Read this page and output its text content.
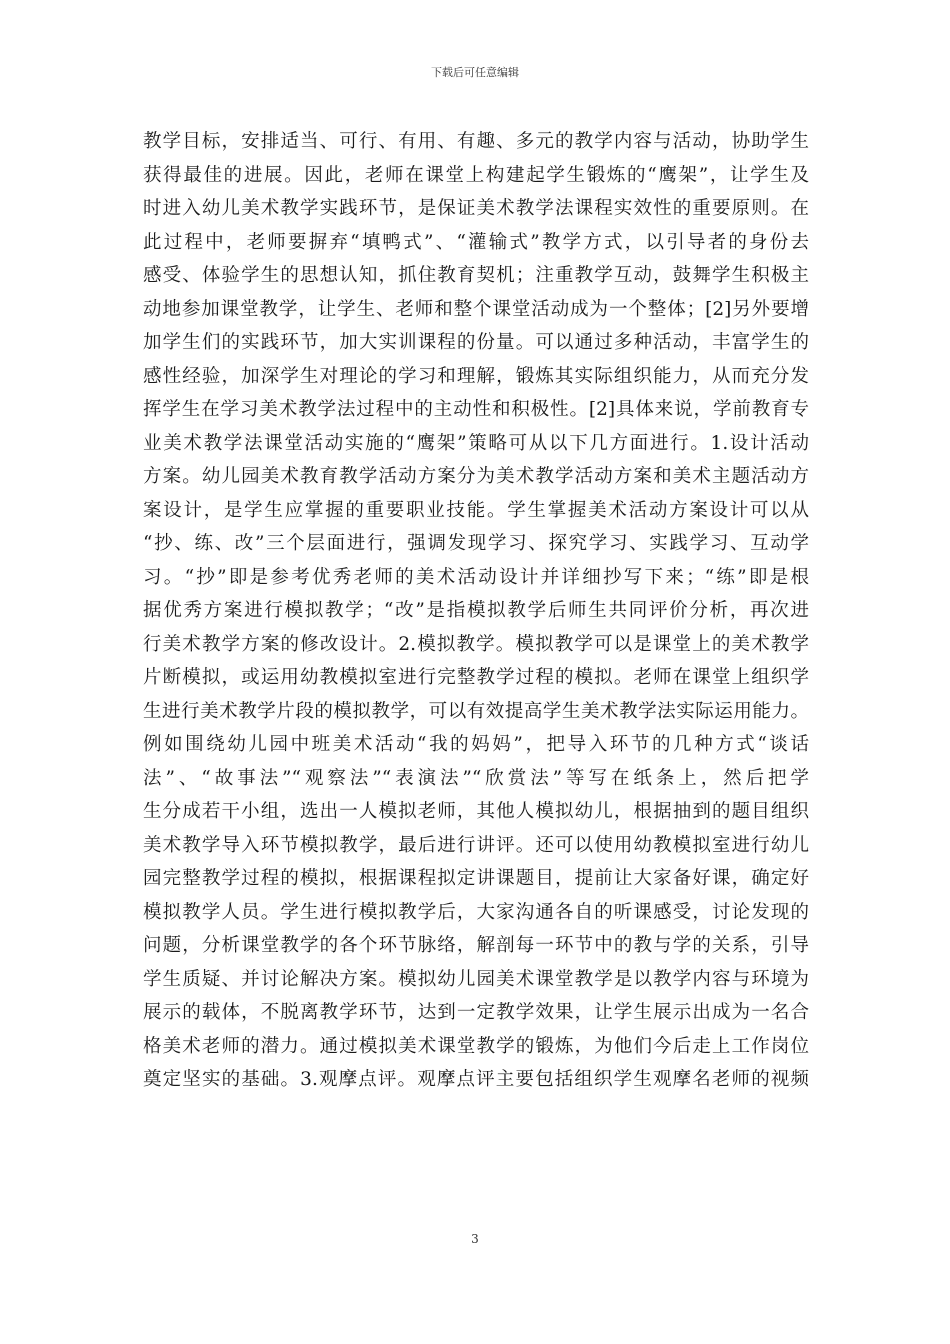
下载后可任意编辑
教学目标，安排适当、可行、有用、有趣、多元的教学内容与活动，协助学生
获得最佳的进展。因此，老师在课堂上构建起学生锻炼的“鹰架”，让学生及
时进入幼儿美术教学实践环节，是保证美术教学法课程实效性的重要原则。在
此过程中，老师要摒弃“填鸭式”、“灌输式”教学方式，以引导者的身份去
感受、体验学生的思想认知，抓住教育契机；注重教学互动，鼓舞学生积极主
动地参加课堂教学，让学生、老师和整个课堂活动成为一个整体；[2]另外要增
加学生们的实践环节，加大实训课程的份量。可以通过多种活动，丰富学生的
感性经验，加深学生对理论的学习和理解，锻炼其实际组织能力，从而充分发
挥学生在学习美术教学法过程中的主动性和积极性。[2]具体来说，学前教育专
业美术教学法课堂活动实施的“鹰架”策略可从以下几方面进行。1.设计活动
方案。幼儿园美术教育教学活动方案分为美术教学活动方案和美术主题活动方
案设计，是学生应掌握的重要职业技能。学生掌握美术活动方案设计可以从
“抄、练、改”三个层面进行，强调发现学习、探究学习、实践学习、互动学
习。“抄”即是参考优秀老师的美术活动设计并详细抄写下来；“练”即是根
据优秀方案进行模拟教学；“改”是指模拟教学后师生共同评价分析，再次进
行美术教学方案的修改设计。2.模拟教学。模拟教学可以是课堂上的美术教学
片断模拟，或运用幼教模拟室进行完整教学过程的模拟。老师在课堂上组织学
生进行美术教学片段的模拟教学，可以有效提高学生美术教学法实际运用能力。
例如围绕幼儿园中班美术活动“我的妈妈”，把导入环节的几种方式“谈话
法”、“故事法”“观察法”“表演法”“欣赏法”等写在纸条上，然后把学
生分成若干小组，选出一人模拟老师，其他人模拟幼儿，根据抽到的题目组织
美术教学导入环节模拟教学，最后进行讲评。还可以使用幼教模拟室进行幼儿
园完整教学过程的模拟，根据课程拟定讲课题目，提前让大家备好课，确定好
模拟教学人员。学生进行模拟教学后，大家沟通各自的听课感受，讨论发现的
问题，分析课堂教学的各个环节脉络，解剖每一环节中的教与学的关系，引导
学生质疑、并讨论解决方案。模拟幼儿园美术课堂教学是以教学内容与环境为
展示的载体，不脱离教学环节，达到一定教学效果，让学生展示出成为一名合
格美术老师的潜力。通过模拟美术课堂教学的锻炼，为他们今后走上工作岗位
奠定坚实的基础。3.观摩点评。观摩点评主要包括组织学生观摩名老师的视频
3
